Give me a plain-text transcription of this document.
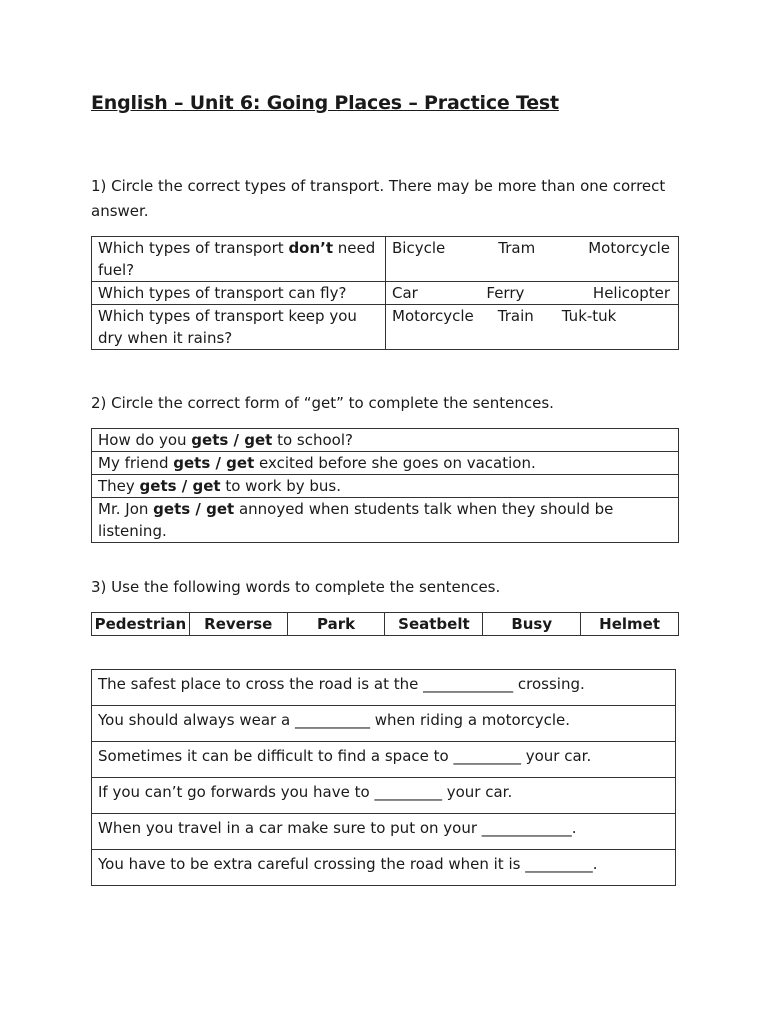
English – Unit 6: Going Places – Practice Test
1) Circle the correct types of transport. There may be more than one correct answer.
Which types of transport don’t need fuel?	Bicycle Tram Motorcycle

Which types of transport can fly?	Car Ferry Helicopter

Which types of transport keep you dry when it rains?	Motorcycle Train Tuk-tuk
2) Circle the correct form of “get” to complete the sentences.
How do you gets / get to school?
My friend gets / get excited before she goes on vacation.
They gets / get to work by bus.
Mr. Jon gets / get annoyed when students talk when they should be listening.
3) Use the following words to complete the sentences.
Pedestrian	Reverse	Park	Seatbelt	Busy	Helmet
The safest place to cross the road is at the ____________ crossing.
You should always wear a __________ when riding a motorcycle.
Sometimes it can be difficult to find a space to _________ your car.
If you can’t go forwards you have to _________ your car.
When you travel in a car make sure to put on your ____________.
You have to be extra careful crossing the road when it is _________.
